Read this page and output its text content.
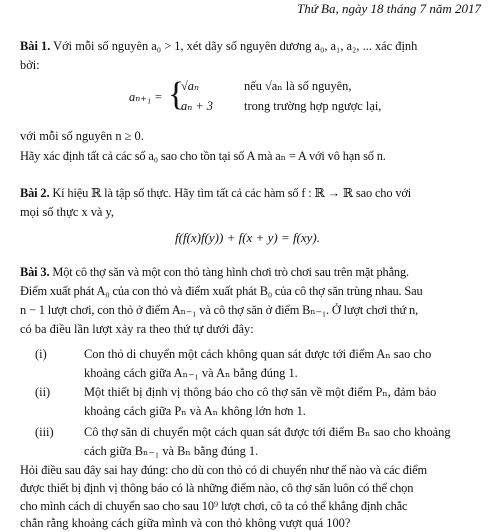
Thứ Ba, ngày 18 tháng 7 năm 2017
Bài 1. Với mỗi số nguyên a₀ > 1, xét dãy số nguyên dương a₀, a₁, a₂, ... xác định
bởi:
aₙ₊₁ = {
√aₙ	nếu √aₙ là số nguyên,
aₙ + 3	trong trường hợp ngược lại,
với mỗi số nguyên n ≥ 0.
Hãy xác định tất cả các số a₀ sao cho tồn tại số A mà aₙ = A với vô hạn số n.
Bài 2. Kí hiệu ℝ là tập số thực. Hãy tìm tất cả các hàm số f : ℝ → ℝ sao cho với
mọi số thực x và y,
f(f(x)f(y)) + f(x + y) = f(xy).
Bài 3. Một cô thợ săn và một con thỏ tàng hình chơi trò chơi sau trên mặt phẳng.
Điểm xuất phát A₀ của con thỏ và điểm xuất phát B₀ của cô thợ săn trùng nhau. Sau
n − 1 lượt chơi, con thỏ ở điểm Aₙ₋₁ và cô thợ săn ở điểm Bₙ₋₁. Ở lượt chơi thứ n,
có ba điều lần lượt xảy ra theo thứ tự dưới đây:
(i)	Con thỏ di chuyển một cách không quan sát được tới điểm Aₙ sao cho
khoảng cách giữa Aₙ₋₁ và Aₙ bằng đúng 1.
(ii)	Một thiết bị định vị thông báo cho cô thợ săn về một điểm Pₙ, đảm bảo
khoảng cách giữa Pₙ và Aₙ không lớn hơn 1.
(iii) Cô thợ săn di chuyển một cách quan sát được tới điểm Bₙ sao cho khoảng
cách giữa Bₙ₋₁ và Bₙ bằng đúng 1.
Hỏi điều sau đây sai hay đúng: cho dù con thỏ có di chuyển như thế nào và các điểm
được thiết bị định vị thông báo có là những điểm nào, cô thợ săn luôn có thể chọn
cho mình cách di chuyển sao cho sau 10⁹ lượt chơi, cô ta có thể khẳng định chắc
chắn rằng khoảng cách giữa mình và con thỏ không vượt quá 100?
